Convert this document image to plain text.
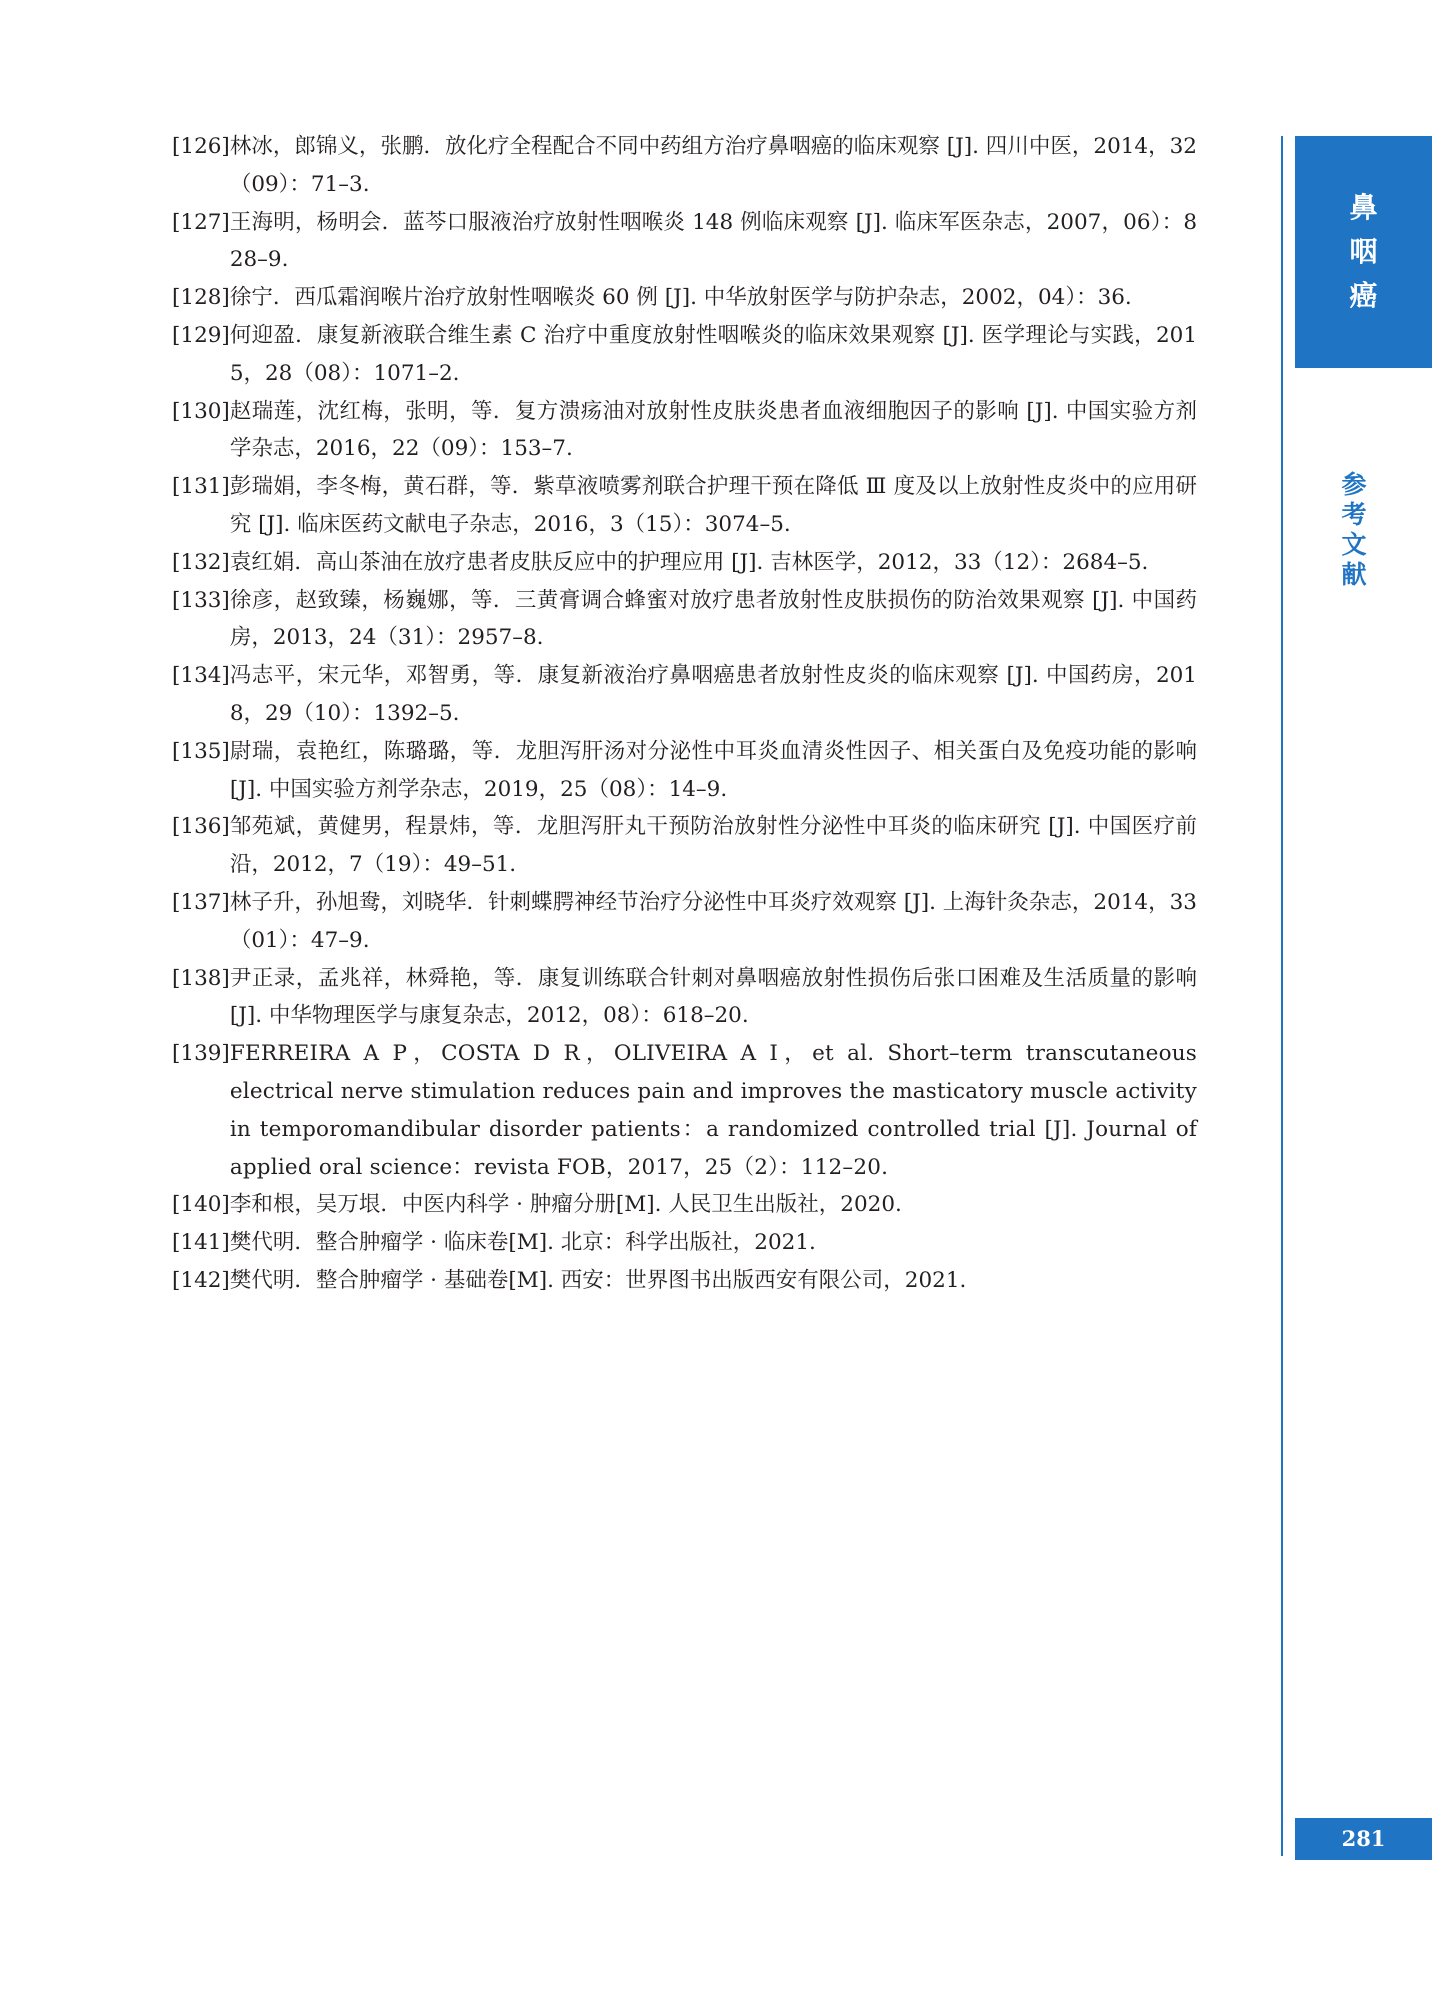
[126] 林冰，郎锦义，张鹏．放化疗全程配合不同中药组方治疗鼻咽癌的临床观察 [J]. 四川中医，2014，32（09）：71–3.
[127] 王海明，杨明会．蓝芩口服液治疗放射性咽喉炎 148 例临床观察 [J]. 临床军医杂志，2007，06）：828–9.
[128] 徐宁．西瓜霜润喉片治疗放射性咽喉炎 60 例 [J]. 中华放射医学与防护杂志，2002，04）：36.
[129] 何迎盈．康复新液联合维生素 C 治疗中重度放射性咽喉炎的临床效果观察 [J]. 医学理论与实践，2015，28（08）：1071–2.
[130] 赵瑞莲，沈红梅，张明，等．复方溃疡油对放射性皮肤炎患者血液细胞因子的影响 [J]. 中国实验方剂学杂志，2016，22（09）：153–7.
[131] 彭瑞娟，李冬梅，黄石群，等．紫草液喷雾剂联合护理干预在降低 Ⅲ 度及以上放射性皮炎中的应用研究 [J]. 临床医药文献电子杂志，2016，3（15）：3074–5.
[132] 袁红娟．高山茶油在放疗患者皮肤反应中的护理应用 [J]. 吉林医学，2012，33（12）：2684–5.
[133] 徐彦，赵致臻，杨巍娜，等．三黄膏调合蜂蜜对放疗患者放射性皮肤损伤的防治效果观察 [J]. 中国药房，2013，24（31）：2957–8.
[134] 冯志平，宋元华，邓智勇，等．康复新液治疗鼻咽癌患者放射性皮炎的临床观察 [J]. 中国药房，2018，29（10）：1392–5.
[135] 尉瑞，袁艳红，陈璐璐，等．龙胆泻肝汤对分泌性中耳炎血清炎性因子、相关蛋白及免疫功能的影响 [J]. 中国实验方剂学杂志，2019，25（08）：14–9.
[136] 邹苑斌，黄健男，程景炜，等．龙胆泻肝丸干预防治放射性分泌性中耳炎的临床研究 [J]. 中国医疗前沿，2012，7（19）：49–51.
[137] 林子升，孙旭鸯，刘晓华．针刺蝶腭神经节治疗分泌性中耳炎疗效观察 [J]. 上海针灸杂志，2014，33（01）：47–9.
[138] 尹正录，孟兆祥，林舜艳，等．康复训练联合针刺对鼻咽癌放射性损伤后张口困难及生活质量的影响 [J]. 中华物理医学与康复杂志，2012，08）：618–20.
[139] FERREIRA A P，COSTA D R，OLIVEIRA A I，et al. Short–term transcutaneous electrical nerve stimulation reduces pain and improves the masticatory muscle activity in temporomandibular disorder patients：a randomized controlled trial [J]. Journal of applied oral science：revista FOB，2017，25（2）：112–20.
[140] 李和根，吴万垠．中医内科学 · 肿瘤分册[M]. 人民卫生出版社，2020.
[141] 樊代明．整合肿瘤学 · 临床卷[M]. 北京：科学出版社，2021.
[142] 樊代明．整合肿瘤学 · 基础卷[M]. 西安：世界图书出版西安有限公司，2021.
鼻
咽
癌
参
考
文
献
281
